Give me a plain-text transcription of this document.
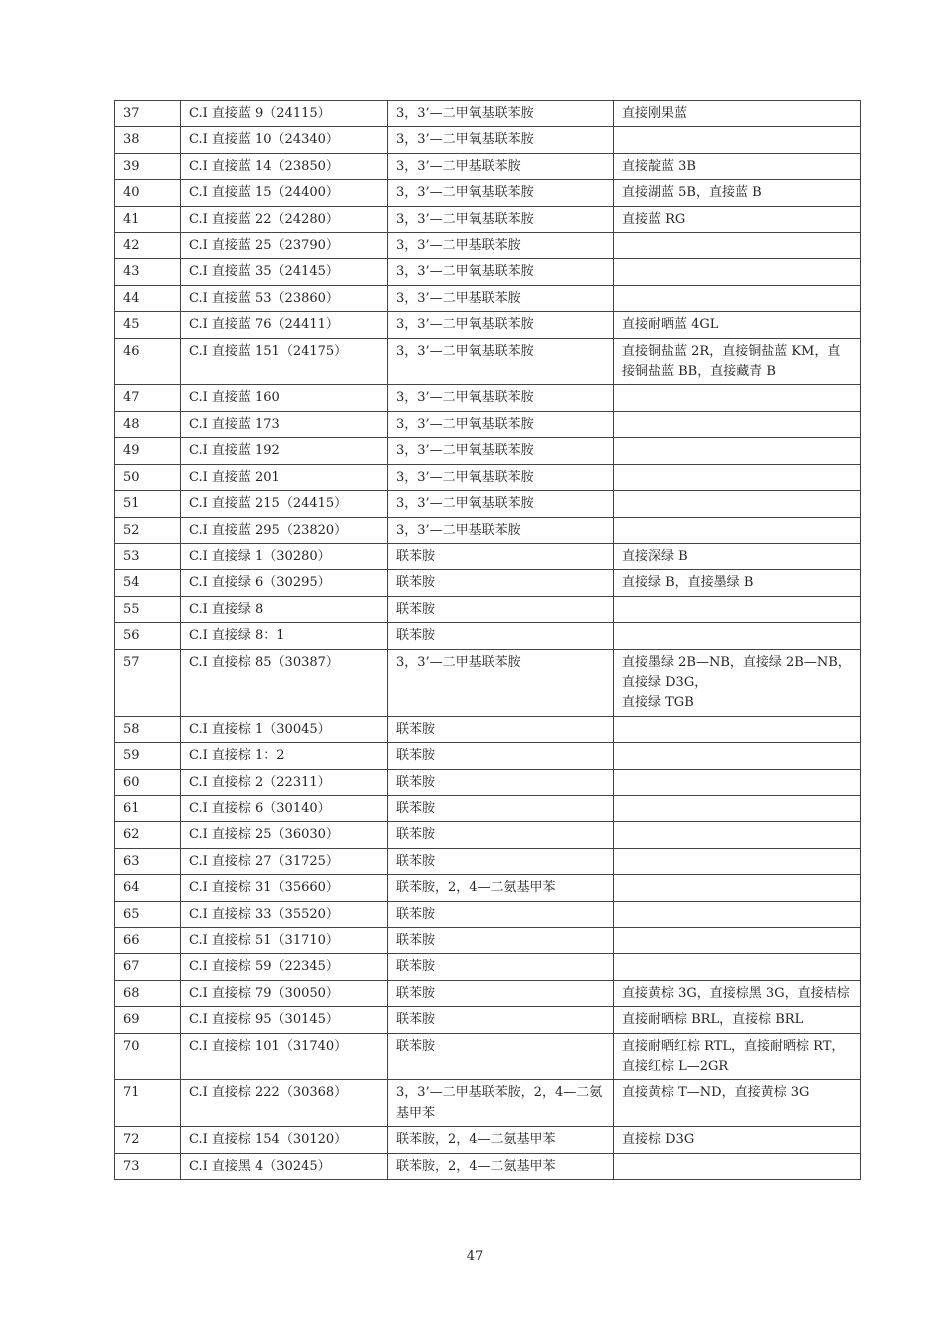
37	C.I 直接蓝 9（24115）	3，3’—二甲氧基联苯胺	直接刚果蓝
38	C.I 直接蓝 10（24340）	3，3’—二甲氧基联苯胺	
39	C.I 直接蓝 14（23850）	3，3’—二甲基联苯胺	直接靛蓝 3B
40	C.I 直接蓝 15（24400）	3，3’—二甲氧基联苯胺	直接湖蓝 5B，直接蓝 B
41	C.I 直接蓝 22（24280）	3，3’—二甲氧基联苯胺	直接蓝 RG
42	C.I 直接蓝 25（23790）	3，3’—二甲基联苯胺	
43	C.I 直接蓝 35（24145）	3，3’—二甲氧基联苯胺	
44	C.I 直接蓝 53（23860）	3，3’—二甲基联苯胺	
45	C.I 直接蓝 76（24411）	3，3’—二甲氧基联苯胺	直接耐晒蓝 4GL
46	C.I 直接蓝 151（24175）	3，3’—二甲氧基联苯胺	直接铜盐蓝 2R，直接铜盐蓝 KM，直接铜盐蓝 BB，直接藏青 B
47	C.I 直接蓝 160	3，3’—二甲氧基联苯胺	
48	C.I 直接蓝 173	3，3’—二甲氧基联苯胺	
49	C.I 直接蓝 192	3，3’—二甲氧基联苯胺	
50	C.I 直接蓝 201	3，3’—二甲氧基联苯胺	
51	C.I 直接蓝 215（24415）	3，3’—二甲氧基联苯胺	
52	C.I 直接蓝 295（23820）	3，3’—二甲基联苯胺	
53	C.I 直接绿 1（30280）	联苯胺	直接深绿 B
54	C.I 直接绿 6（30295）	联苯胺	直接绿 B，直接墨绿 B
55	C.I 直接绿 8	联苯胺	
56	C.I 直接绿 8：1	联苯胺	
57	C.I 直接棕 85（30387）	3，3’—二甲基联苯胺	直接墨绿 2B—NB，直接绿 2B—NB，直接绿 D3G，
直接绿 TGB
58	C.I 直接棕 1（30045）	联苯胺	
59	C.I 直接棕 1：2	联苯胺	
60	C.I 直接棕 2（22311）	联苯胺	
61	C.I 直接棕 6（30140）	联苯胺	
62	C.I 直接棕 25（36030）	联苯胺	
63	C.I 直接棕 27（31725）	联苯胺	
64	C.I 直接棕 31（35660）	联苯胺，2，4—二氨基甲苯	
65	C.I 直接棕 33（35520）	联苯胺	
66	C.I 直接棕 51（31710）	联苯胺	
67	C.I 直接棕 59（22345）	联苯胺	
68	C.I 直接棕 79（30050）	联苯胺	直接黄棕 3G，直接棕黑 3G，直接桔棕
69	C.I 直接棕 95（30145）	联苯胺	直接耐晒棕 BRL，直接棕 BRL
70	C.I 直接棕 101（31740）	联苯胺	直接耐晒红棕 RTL，直接耐晒棕 RT，直接红棕 L—2GR
71	C.I 直接棕 222（30368）	3，3’—二甲基联苯胺，2，4—二氨基甲苯	直接黄棕 T—ND，直接黄棕 3G
72	C.I 直接棕 154（30120）	联苯胺，2，4—二氨基甲苯	直接棕 D3G
73	C.I 直接黑 4（30245）	联苯胺，2，4—二氨基甲苯	
47
